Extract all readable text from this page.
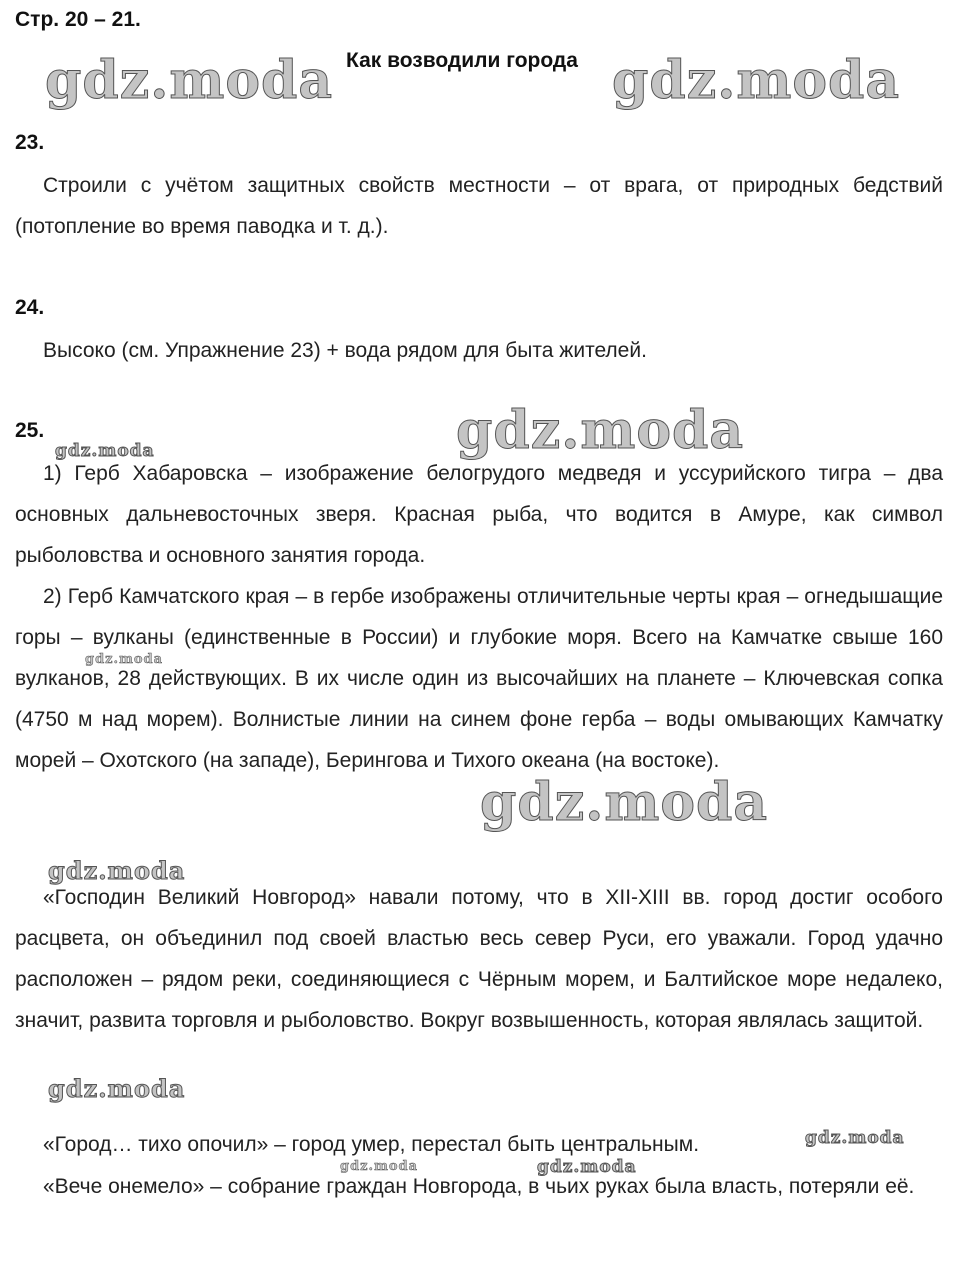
Стр. 20 – 21.
Как возводили города
23.

Строили с учётом защитных свойств местности – от врага, от природных бедствий (потопление во время паводка и т. д.).

24.

Высоко (см. Упражнение 23) + вода рядом для быта жителей.

25.

1) Герб Хабаровска – изображение белогрудого медведя и уссурийского тигра – два основных дальневосточных зверя. Красная рыба, что водится в Амуре, как символ рыболовства и основного занятия города.

2) Герб Камчатского края – в гербе изображены отличительные черты края – огнедышащие горы – вулканы (единственные в России) и глубокие моря. Всего на Камчатке свыше 160 вулканов, 28 действующих. В их числе один из высочайших на планете – Ключевская сопка (4750 м над морем). Волнистые линии на синем фоне герба – воды омывающих Камчатку морей – Охотского (на западе), Берингова и Тихого океана (на востоке).

«Господин Великий Новгород» навали потому, что в XII-XIII вв. город достиг особого расцвета, он объединил под своей властью весь север Руси, его уважали. Город удачно расположен – рядом реки, соединяющиеся с Чёрным морем, и Балтийское море недалеко, значит, развита торговля и рыболовство. Вокруг возвышенность, которая являлась защитой.

«Город… тихо опочил» – город умер, перестал быть центральным.

«Вече онемело» – собрание граждан Новгорода, в чьих руках была власть, потеряли её.

gdz.moda	gdz.moda
gdz.moda
gdz.moda
gdz.moda
gdz.moda
gdz.moda
gdz.moda
gdz.moda
gdz.moda	gdz.moda
